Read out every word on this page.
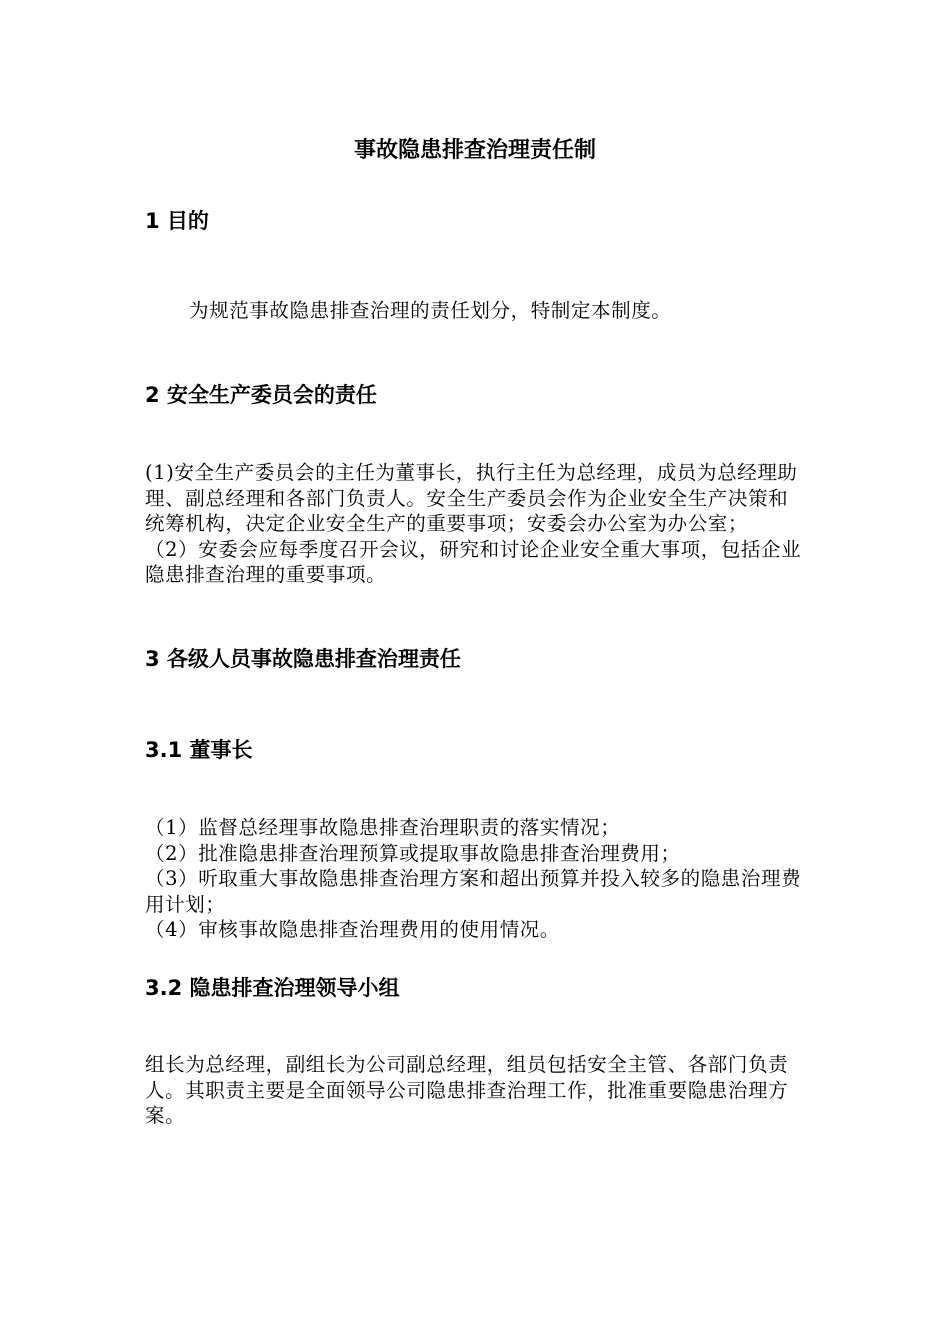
事故隐患排查治理责任制
1 目的

为规范事故隐患排查治理的责任划分，特制定本制度。

2 安全生产委员会的责任

(1)安全生产委员会的主任为董事长，执行主任为总经理，成员为总经理助理、副总经理和各部门负责人。安全生产委员会作为企业安全生产决策和统筹机构，决定企业安全生产的重要事项；安委会办公室为办公室；

（2）安委会应每季度召开会议，研究和讨论企业安全重大事项，包括企业隐患排查治理的重要事项。

3 各级人员事故隐患排查治理责任
3.1 董事长

（1）监督总经理事故隐患排查治理职责的落实情况；

（2）批准隐患排查治理预算或提取事故隐患排查治理费用；

（3）听取重大事故隐患排查治理方案和超出预算并投入较多的隐患治理费用计划；

（4）审核事故隐患排查治理费用的使用情况。

3.2 隐患排查治理领导小组

组长为总经理，副组长为公司副总经理，组员包括安全主管、各部门负责人。其职责主要是全面领导公司隐患排查治理工作，批准重要隐患治理方案。
